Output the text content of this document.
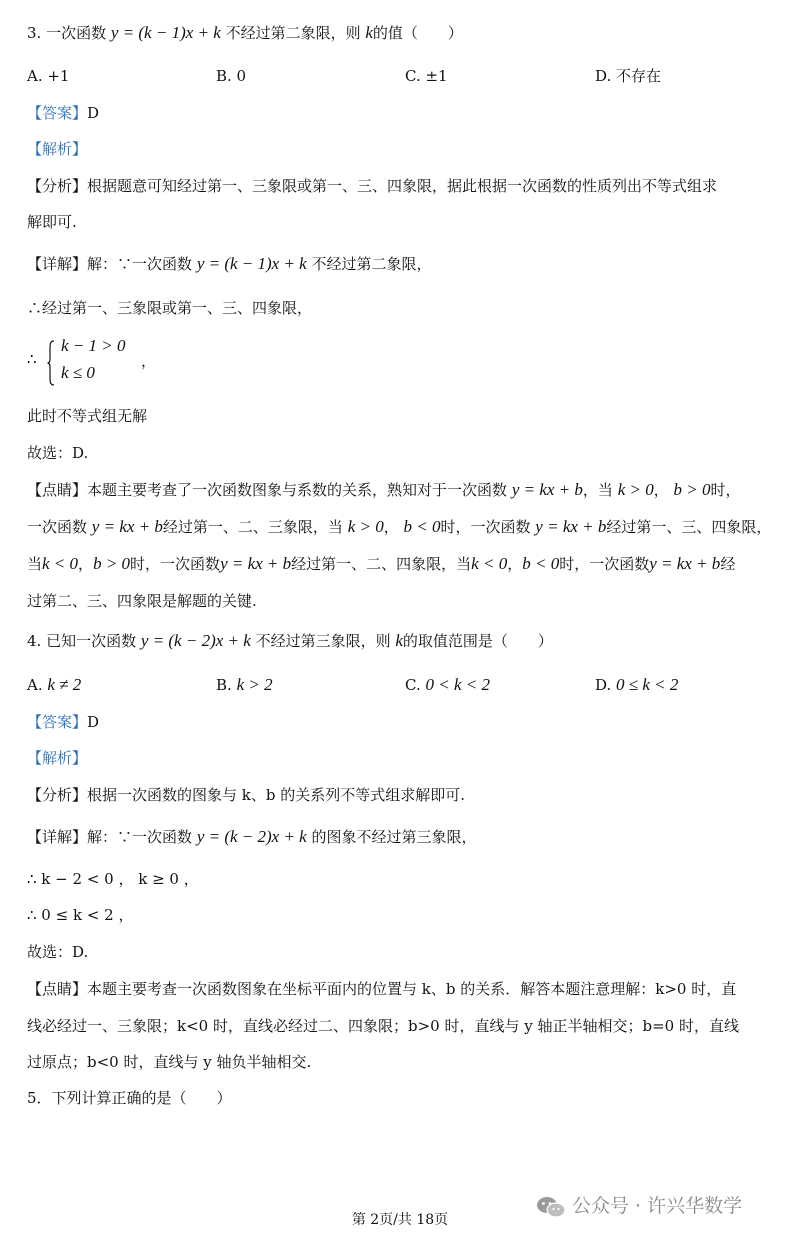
3. 一次函数 y = (k − 1)x + k 不经过第二象限，则 k的值（　　）
A. +1	B. 0	C. ±1	D. 不存在
【答案】D
【解析】
【分析】根据题意可知经过第一、三象限或第一、三、四象限，据此根据一次函数的性质列出不等式组求
解即可.
【详解】解：∵一次函数 y = (k − 1)x + k 不经过第二象限，
∴经过第一、三象限或第一、三、四象限，
∴
k − 1 > 0
k ≤ 0
，
此时不等式组无解
故选：D.
【点睛】本题主要考查了一次函数图象与系数的关系，熟知对于一次函数 y = kx + b，当 k > 0， b > 0时，
一次函数 y = kx + b经过第一、二、三象限，当 k > 0， b < 0时，一次函数 y = kx + b经过第一、三、四象限，
当k < 0，b > 0时，一次函数y = kx + b经过第一、二、四象限，当k < 0，b < 0时，一次函数y = kx + b经
过第二、三、四象限是解题的关键.
4. 已知一次函数 y = (k − 2)x + k 不经过第三象限，则 k的取值范围是（　　）
A. k ≠ 2	B. k > 2	C. 0 < k < 2	D. 0 ≤ k < 2
【答案】D
【解析】
【分析】根据一次函数的图象与 k、b 的关系列不等式组求解即可.
【详解】解：∵一次函数 y = (k − 2)x + k 的图象不经过第三象限，
∴ k − 2 < 0 ， k ≥ 0 ，
∴ 0 ≤ k < 2 ，
故选：D.
【点睛】本题主要考查一次函数图象在坐标平面内的位置与 k、b 的关系．解答本题注意理解：k>0 时，直
线必经过一、三象限；k<0 时，直线必经过二、四象限；b>0 时，直线与 y 轴正半轴相交；b=0 时，直线
过原点；b<0 时，直线与 y 轴负半轴相交.
5．下列计算正确的是（　　）
公众号 · 许兴华数学
第 2页/共 18页
